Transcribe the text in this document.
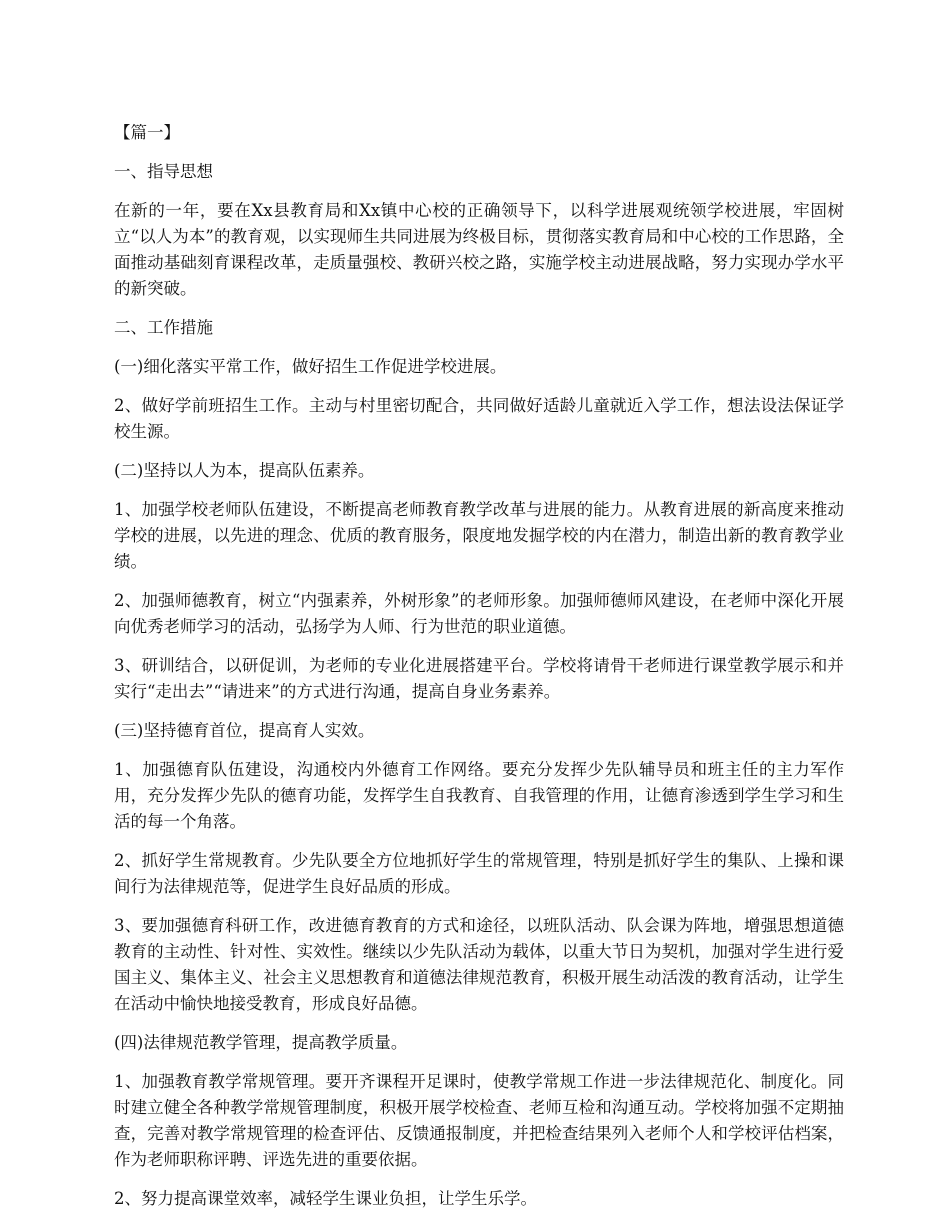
【篇一】

一、指导思想

在新的一年，要在Xx县教育局和Xx镇中心校的正确领导下，以科学进展观统领学校进展，牢固树立“以人为本”的教育观，以实现师生共同进展为终极目标，贯彻落实教育局和中心校的工作思路，全面推动基础刻育课程改革，走质量强校、教研兴校之路，实施学校主动进展战略，努力实现办学水平的新突破。

二、工作措施

(一)细化落实平常工作，做好招生工作促进学校进展。

2、做好学前班招生工作。主动与村里密切配合，共同做好适龄儿童就近入学工作，想法设法保证学校生源。

(二)坚持以人为本，提高队伍素养。

1、加强学校老师队伍建设，不断提高老师教育教学改革与进展的能力。从教育进展的新高度来推动学校的进展，以先进的理念、优质的教育服务，限度地发掘学校的内在潜力，制造出新的教育教学业绩。

2、加强师德教育，树立“内强素养，外树形象”的老师形象。加强师德师风建设，在老师中深化开展向优秀老师学习的活动，弘扬学为人师、行为世范的职业道德。

3、研训结合，以研促训，为老师的专业化进展搭建平台。学校将请骨干老师进行课堂教学展示和并实行“走出去”“请进来”的方式进行沟通，提高自身业务素养。

(三)坚持德育首位，提高育人实效。

1、加强德育队伍建设，沟通校内外德育工作网络。要充分发挥少先队辅导员和班主任的主力军作用，充分发挥少先队的德育功能，发挥学生自我教育、自我管理的作用，让德育渗透到学生学习和生活的每一个角落。

2、抓好学生常规教育。少先队要全方位地抓好学生的常规管理，特别是抓好学生的集队、上操和课间行为法律规范等，促进学生良好品质的形成。

3、要加强德育科研工作，改进德育教育的方式和途径，以班队活动、队会课为阵地，增强思想道德教育的主动性、针对性、实效性。继续以少先队活动为载体，以重大节日为契机，加强对学生进行爱国主义、集体主义、社会主义思想教育和道德法律规范教育，积极开展生动活泼的教育活动，让学生在活动中愉快地接受教育，形成良好品德。

(四)法律规范教学管理，提高教学质量。

1、加强教育教学常规管理。要开齐课程开足课时，使教学常规工作进一步法律规范化、制度化。同时建立健全各种教学常规管理制度，积极开展学校检查、老师互检和沟通互动。学校将加强不定期抽查，完善对教学常规管理的检查评估、反馈通报制度，并把检查结果列入老师个人和学校评估档案，作为老师职称评聘、评选先进的重要依据。

2、努力提高课堂效率，减轻学生课业负担，让学生乐学。
